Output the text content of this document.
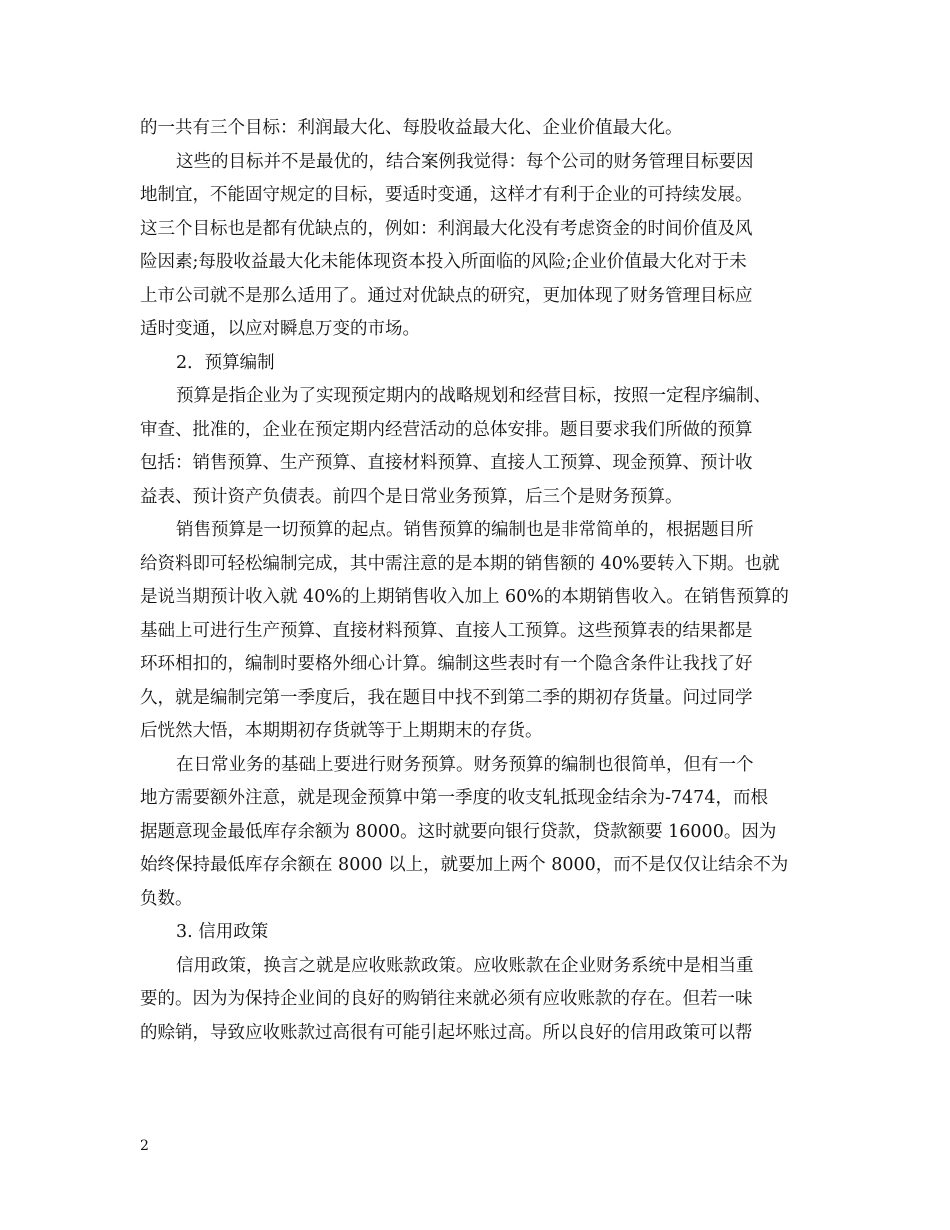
的一共有三个目标：利润最大化、每股收益最大化、企业价值最大化。
这些的目标并不是最优的，结合案例我觉得：每个公司的财务管理目标要因
地制宜，不能固守规定的目标，要适时变通，这样才有利于企业的可持续发展。
这三个目标也是都有优缺点的，例如：利润最大化没有考虑资金的时间价值及风
险因素;每股收益最大化未能体现资本投入所面临的风险;企业价值最大化对于未
上市公司就不是那么适用了。通过对优缺点的研究，更加体现了财务管理目标应
适时变通，以应对瞬息万变的市场。
2．预算编制
预算是指企业为了实现预定期内的战略规划和经营目标，按照一定程序编制、
审查、批准的，企业在预定期内经营活动的总体安排。题目要求我们所做的预算
包括：销售预算、生产预算、直接材料预算、直接人工预算、现金预算、预计收
益表、预计资产负债表。前四个是日常业务预算，后三个是财务预算。
销售预算是一切预算的起点。销售预算的编制也是非常简单的，根据题目所
给资料即可轻松编制完成，其中需注意的是本期的销售额的 40%要转入下期。也就
是说当期预计收入就 40%的上期销售收入加上 60%的本期销售收入。在销售预算的
基础上可进行生产预算、直接材料预算、直接人工预算。这些预算表的结果都是
环环相扣的，编制时要格外细心计算。编制这些表时有一个隐含条件让我找了好
久，就是编制完第一季度后，我在题目中找不到第二季的期初存货量。问过同学
后恍然大悟，本期期初存货就等于上期期末的存货。
在日常业务的基础上要进行财务预算。财务预算的编制也很简单，但有一个
地方需要额外注意，就是现金预算中第一季度的收支轧抵现金结余为-7474，而根
据题意现金最低库存余额为 8000。这时就要向银行贷款，贷款额要 16000。因为
始终保持最低库存余额在 8000 以上，就要加上两个 8000，而不是仅仅让结余不为
负数。
3. 信用政策
信用政策，换言之就是应收账款政策。应收账款在企业财务系统中是相当重
要的。因为为保持企业间的良好的购销往来就必须有应收账款的存在。但若一味
的赊销，导致应收账款过高很有可能引起坏账过高。所以良好的信用政策可以帮
2
